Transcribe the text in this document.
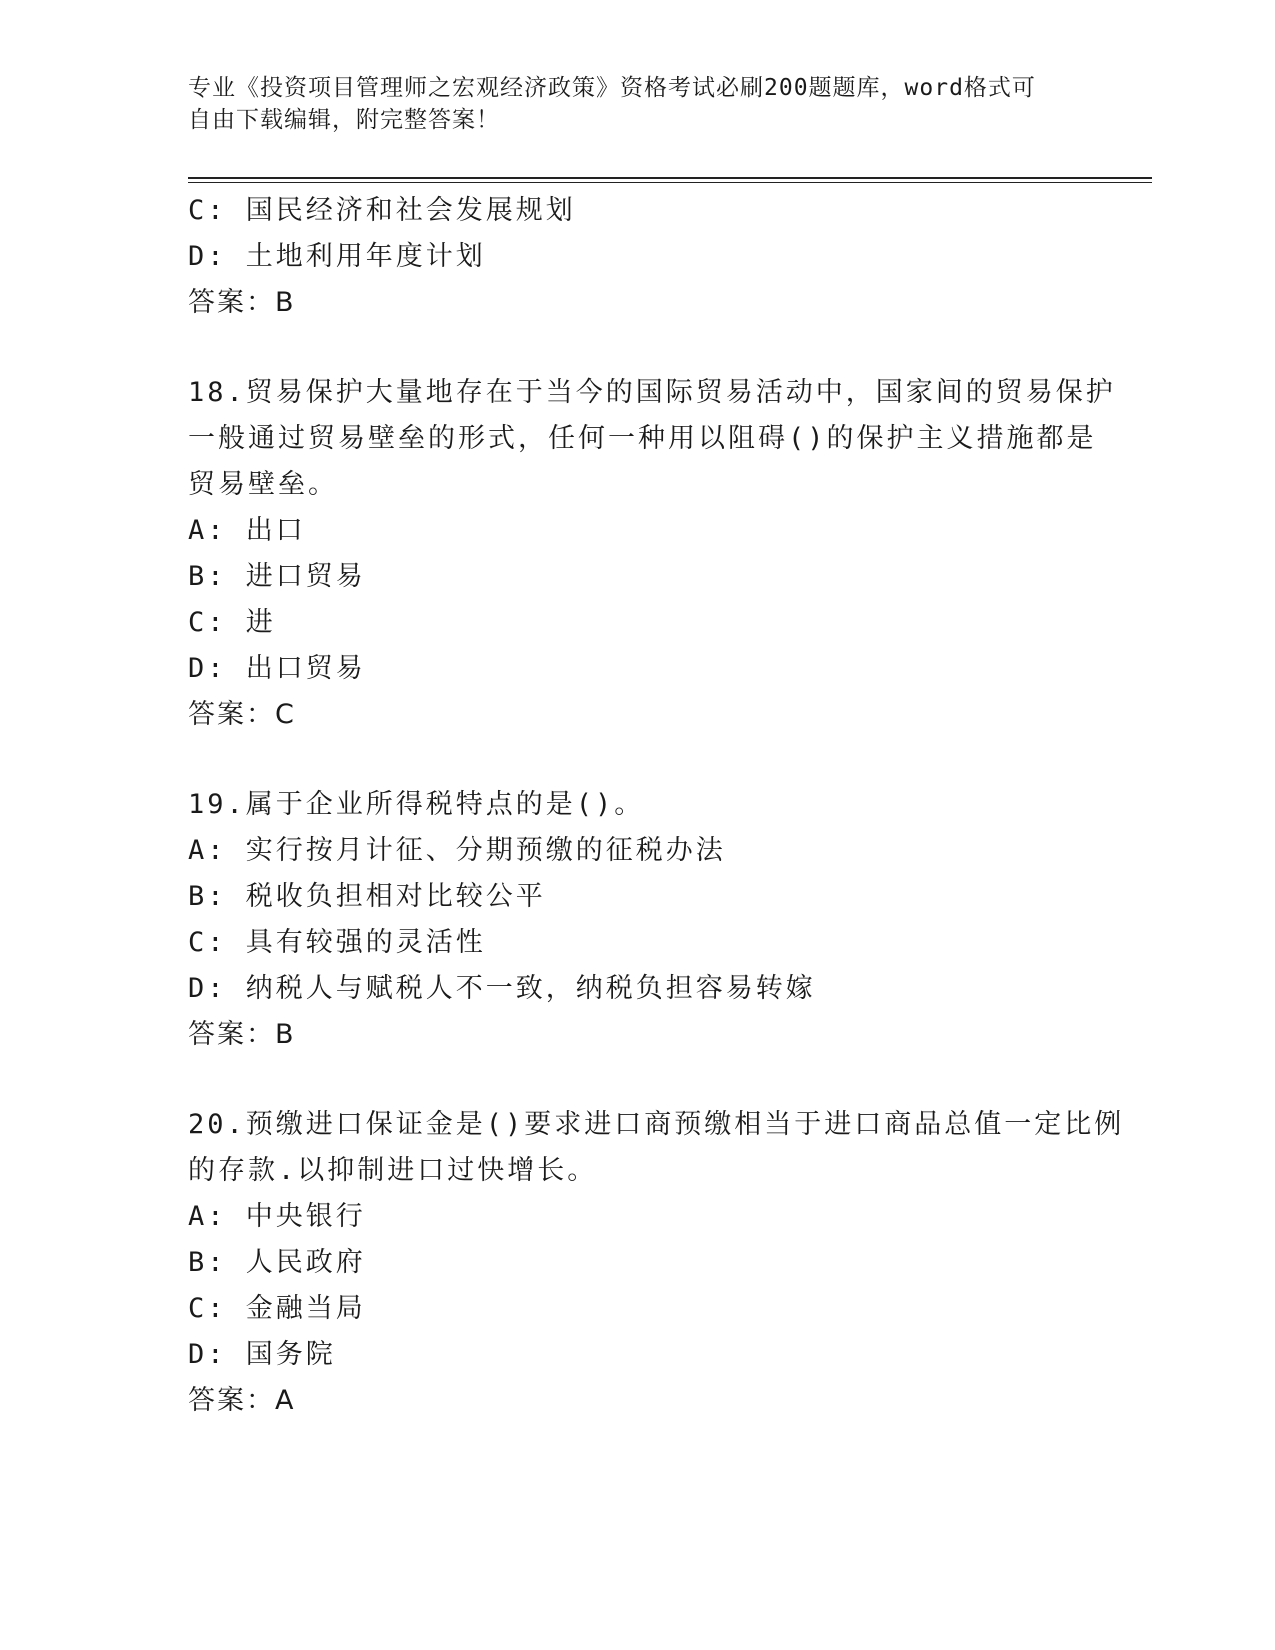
专业《投资项目管理师之宏观经济政策》资格考试必刷200题题库，word格式可
自由下载编辑，附完整答案！
C: 国民经济和社会发展规划
D: 土地利用年度计划
答案：B
18.贸易保护大量地存在于当今的国际贸易活动中，国家间的贸易保护
一般通过贸易壁垒的形式，任何一种用以阻碍()的保护主义措施都是
贸易壁垒。
A: 出口
B: 进口贸易
C: 进
D: 出口贸易
答案：C
19.属于企业所得税特点的是()。
A: 实行按月计征、分期预缴的征税办法
B: 税收负担相对比较公平
C: 具有较强的灵活性
D: 纳税人与赋税人不一致，纳税负担容易转嫁
答案：B
20.预缴进口保证金是()要求进口商预缴相当于进口商品总值一定比例
的存款.以抑制进口过快增长。
A: 中央银行
B: 人民政府
C: 金融当局
D: 国务院
答案：A
